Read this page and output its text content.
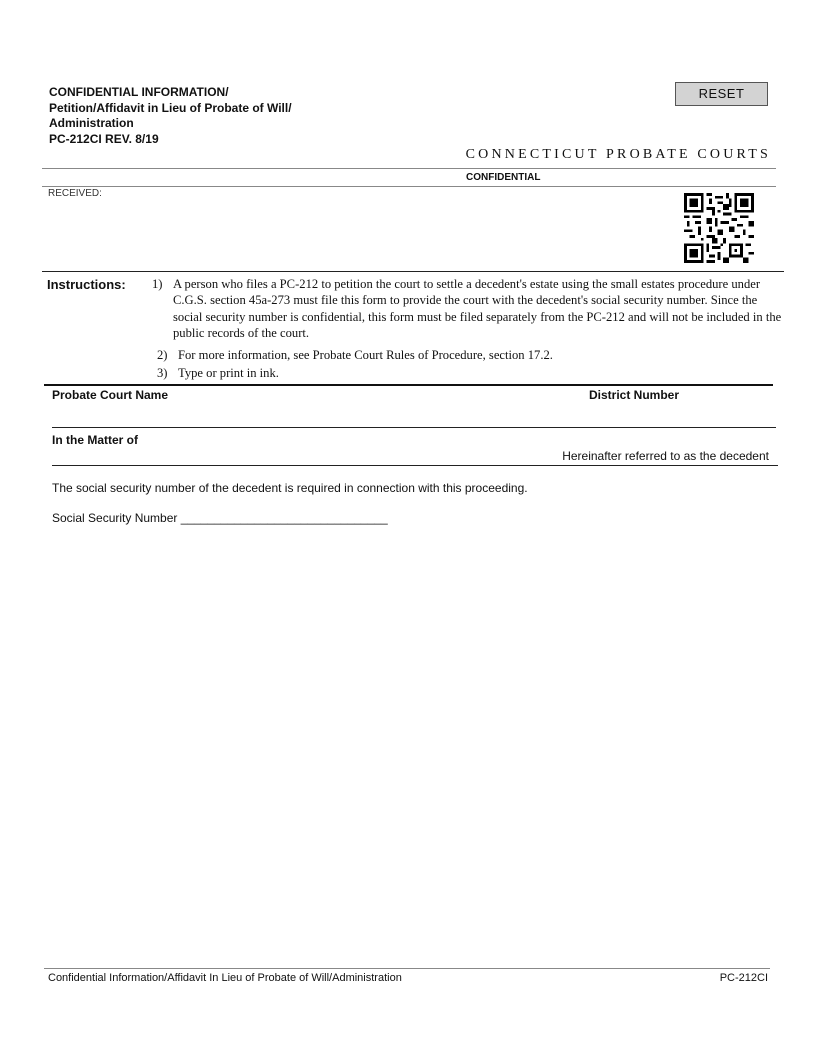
CONFIDENTIAL INFORMATION/
Petition/Affidavit in Lieu of Probate of Will/
Administration
PC-212CI REV. 8/19
RESET
CONNECTICUT PROBATE COURTS
CONFIDENTIAL
RECEIVED:
Instructions: 1) A person who files a PC-212 to petition the court to settle a decedent's estate using the small estates procedure under C.G.S. section 45a-273 must file this form to provide the court with the decedent's social security number. Since the social security number is confidential, this form must be filed separately from the PC-212 and will not be included in the public records of the court.
2) For more information, see Probate Court Rules of Procedure, section 17.2.
3) Type or print in ink.
Probate Court Name	District Number
In the Matter of
Hereinafter referred to as the decedent
The social security number of the decedent is required in connection with this proceeding.
Social Security Number _______________________________
Confidential Information/Affidavit In Lieu of Probate of Will/Administration	PC-212CI
